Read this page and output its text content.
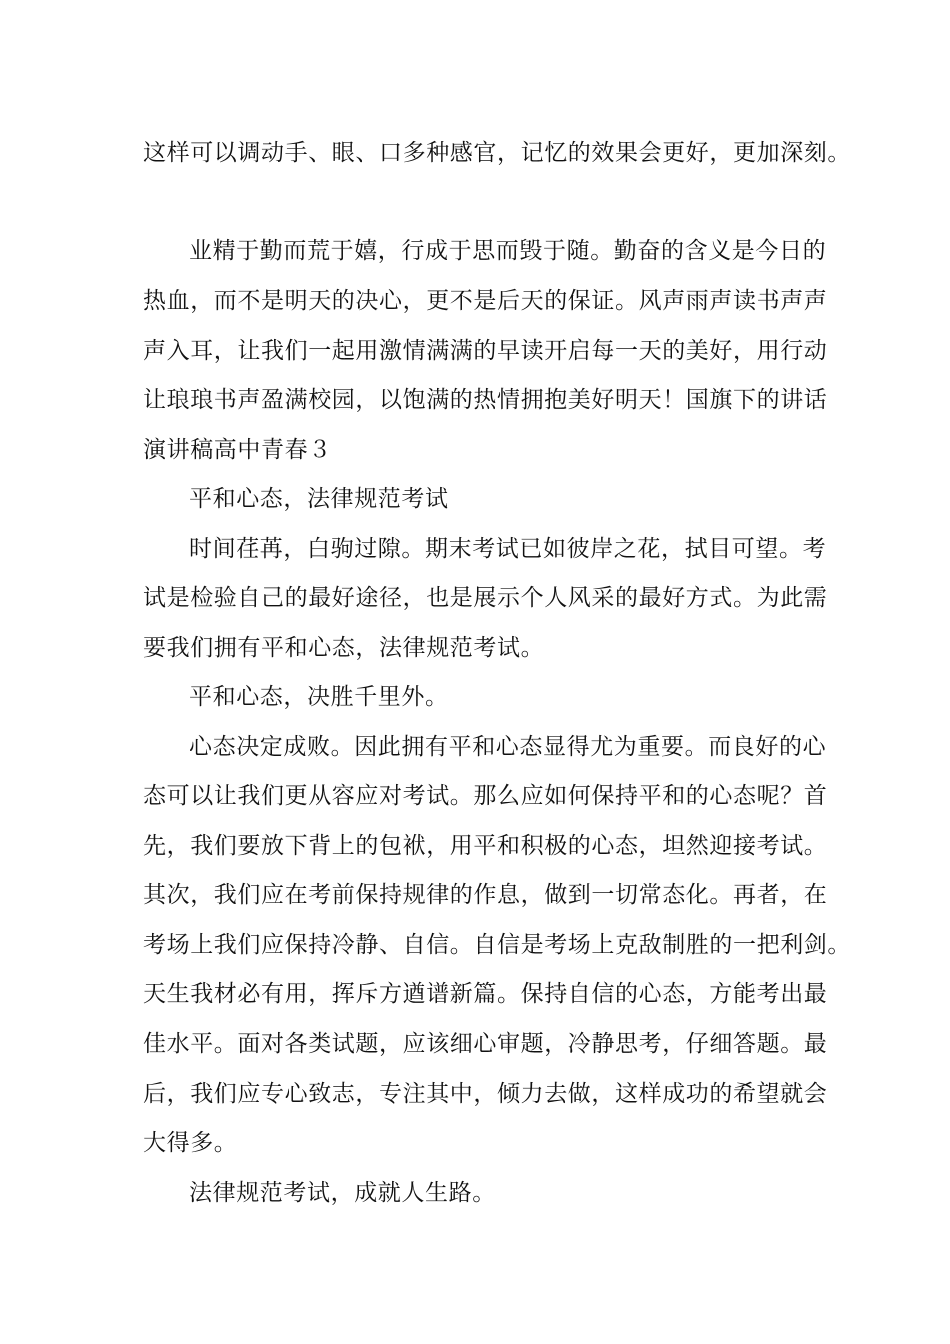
这样可以调动手、眼、口多种感官，记忆的效果会更好，更加深刻。
业精于勤而荒于嬉，行成于思而毁于随。勤奋的含义是今日的
热血，而不是明天的决心，更不是后天的保证。风声雨声读书声声
声入耳，让我们一起用激情满满的早读开启每一天的美好，用行动
让琅琅书声盈满校园，以饱满的热情拥抱美好明天！国旗下的讲话
演讲稿高中青春３
平和心态，法律规范考试
时间荏苒，白驹过隙。期末考试已如彼岸之花，拭目可望。考
试是检验自己的最好途径，也是展示个人风采的最好方式。为此需
要我们拥有平和心态，法律规范考试。
平和心态，决胜千里外。
心态决定成败。因此拥有平和心态显得尤为重要。而良好的心
态可以让我们更从容应对考试。那么应如何保持平和的心态呢？首
先，我们要放下背上的包袱，用平和积极的心态，坦然迎接考试。
其次，我们应在考前保持规律的作息，做到一切常态化。再者，在
考场上我们应保持冷静、自信。自信是考场上克敌制胜的一把利剑。
天生我材必有用，挥斥方遒谱新篇。保持自信的心态，方能考出最
佳水平。面对各类试题，应该细心审题，冷静思考，仔细答题。最
后，我们应专心致志，专注其中，倾力去做，这样成功的希望就会
大得多。
法律规范考试，成就人生路。
